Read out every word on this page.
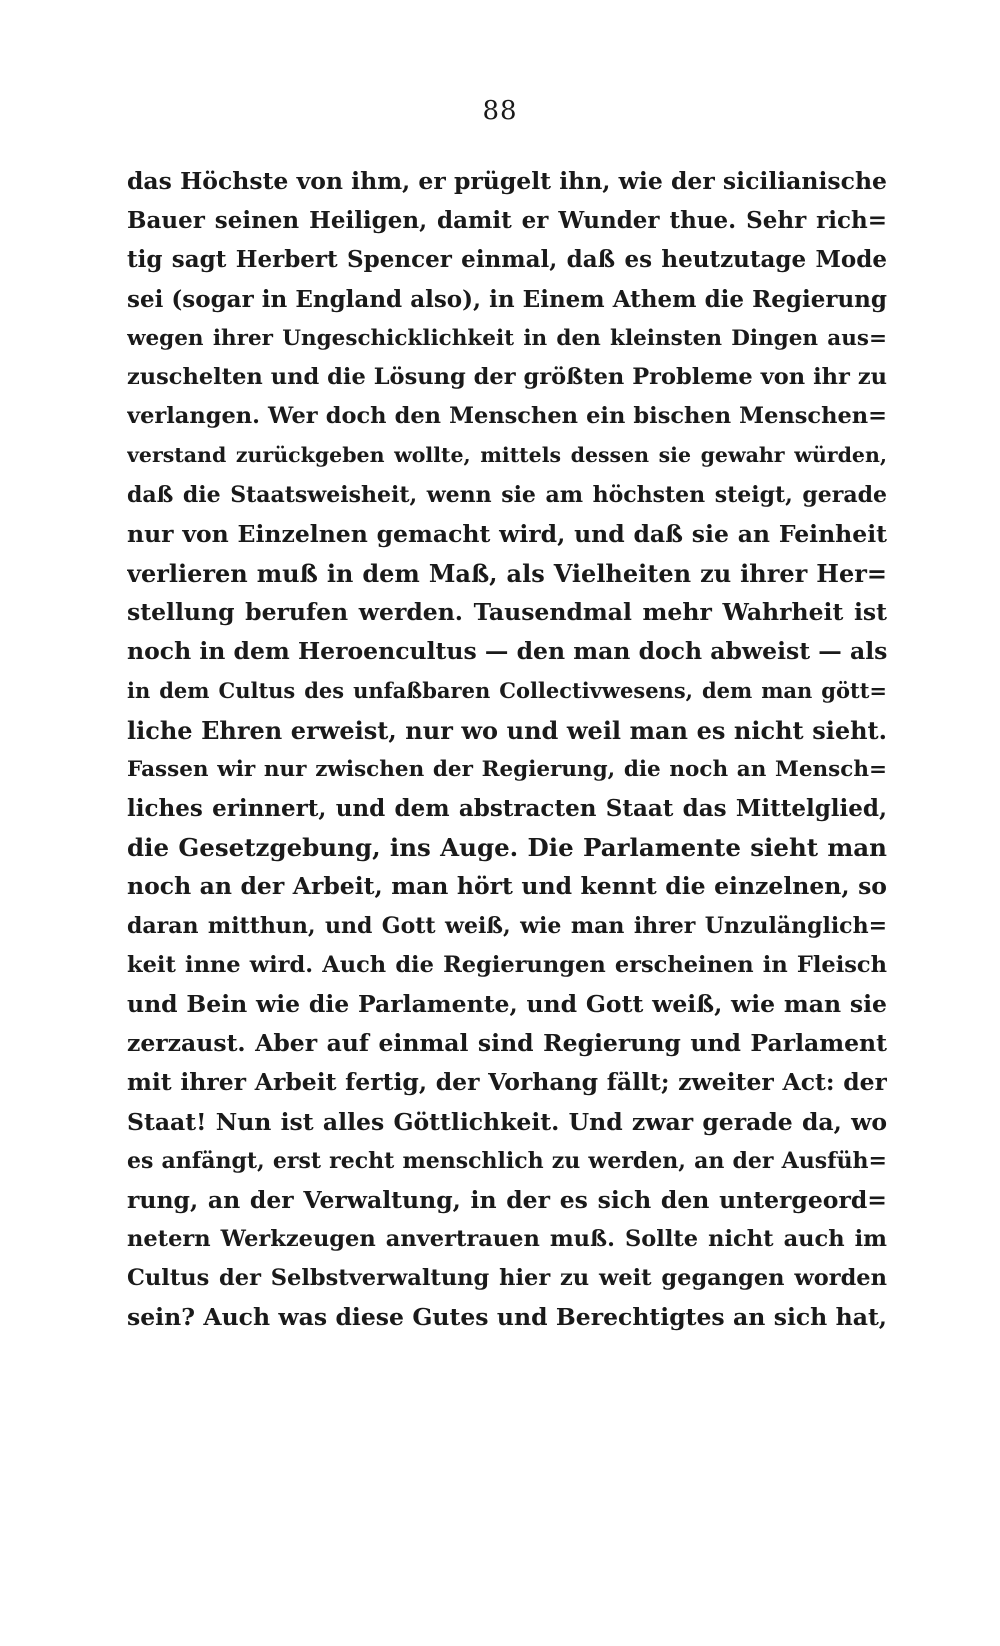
88
das Höchste von ihm, er prügelt ihn, wie der sicilianische
Bauer seinen Heiligen, damit er Wunder thue. Sehr rich=
tig sagt Herbert Spencer einmal, daß es heutzutage Mode
sei (sogar in England also), in Einem Athem die Regierung
wegen ihrer Ungeschicklichkeit in den kleinsten Dingen aus=
zuschelten und die Lösung der größten Probleme von ihr zu
verlangen. Wer doch den Menschen ein bischen Menschen=
verstand zurückgeben wollte, mittels dessen sie gewahr würden,
daß die Staatsweisheit, wenn sie am höchsten steigt, gerade
nur von Einzelnen gemacht wird, und daß sie an Feinheit
verlieren muß in dem Maß, als Vielheiten zu ihrer Her=
stellung berufen werden. Tausendmal mehr Wahrheit ist
noch in dem Heroencultus — den man doch abweist — als
in dem Cultus des unfaßbaren Collectivwesens, dem man gött=
liche Ehren erweist, nur wo und weil man es nicht sieht.
Fassen wir nur zwischen der Regierung, die noch an Mensch=
liches erinnert, und dem abstracten Staat das Mittelglied,
die Gesetzgebung, ins Auge. Die Parlamente sieht man
noch an der Arbeit, man hört und kennt die einzelnen, so
daran mitthun, und Gott weiß, wie man ihrer Unzulänglich=
keit inne wird. Auch die Regierungen erscheinen in Fleisch
und Bein wie die Parlamente, und Gott weiß, wie man sie
zerzaust. Aber auf einmal sind Regierung und Parlament
mit ihrer Arbeit fertig, der Vorhang fällt; zweiter Act: der
Staat! Nun ist alles Göttlichkeit. Und zwar gerade da, wo
es anfängt, erst recht menschlich zu werden, an der Ausfüh=
rung, an der Verwaltung, in der es sich den untergeord=
netern Werkzeugen anvertrauen muß. Sollte nicht auch im
Cultus der Selbstverwaltung hier zu weit gegangen worden
sein? Auch was diese Gutes und Berechtigtes an sich hat,
